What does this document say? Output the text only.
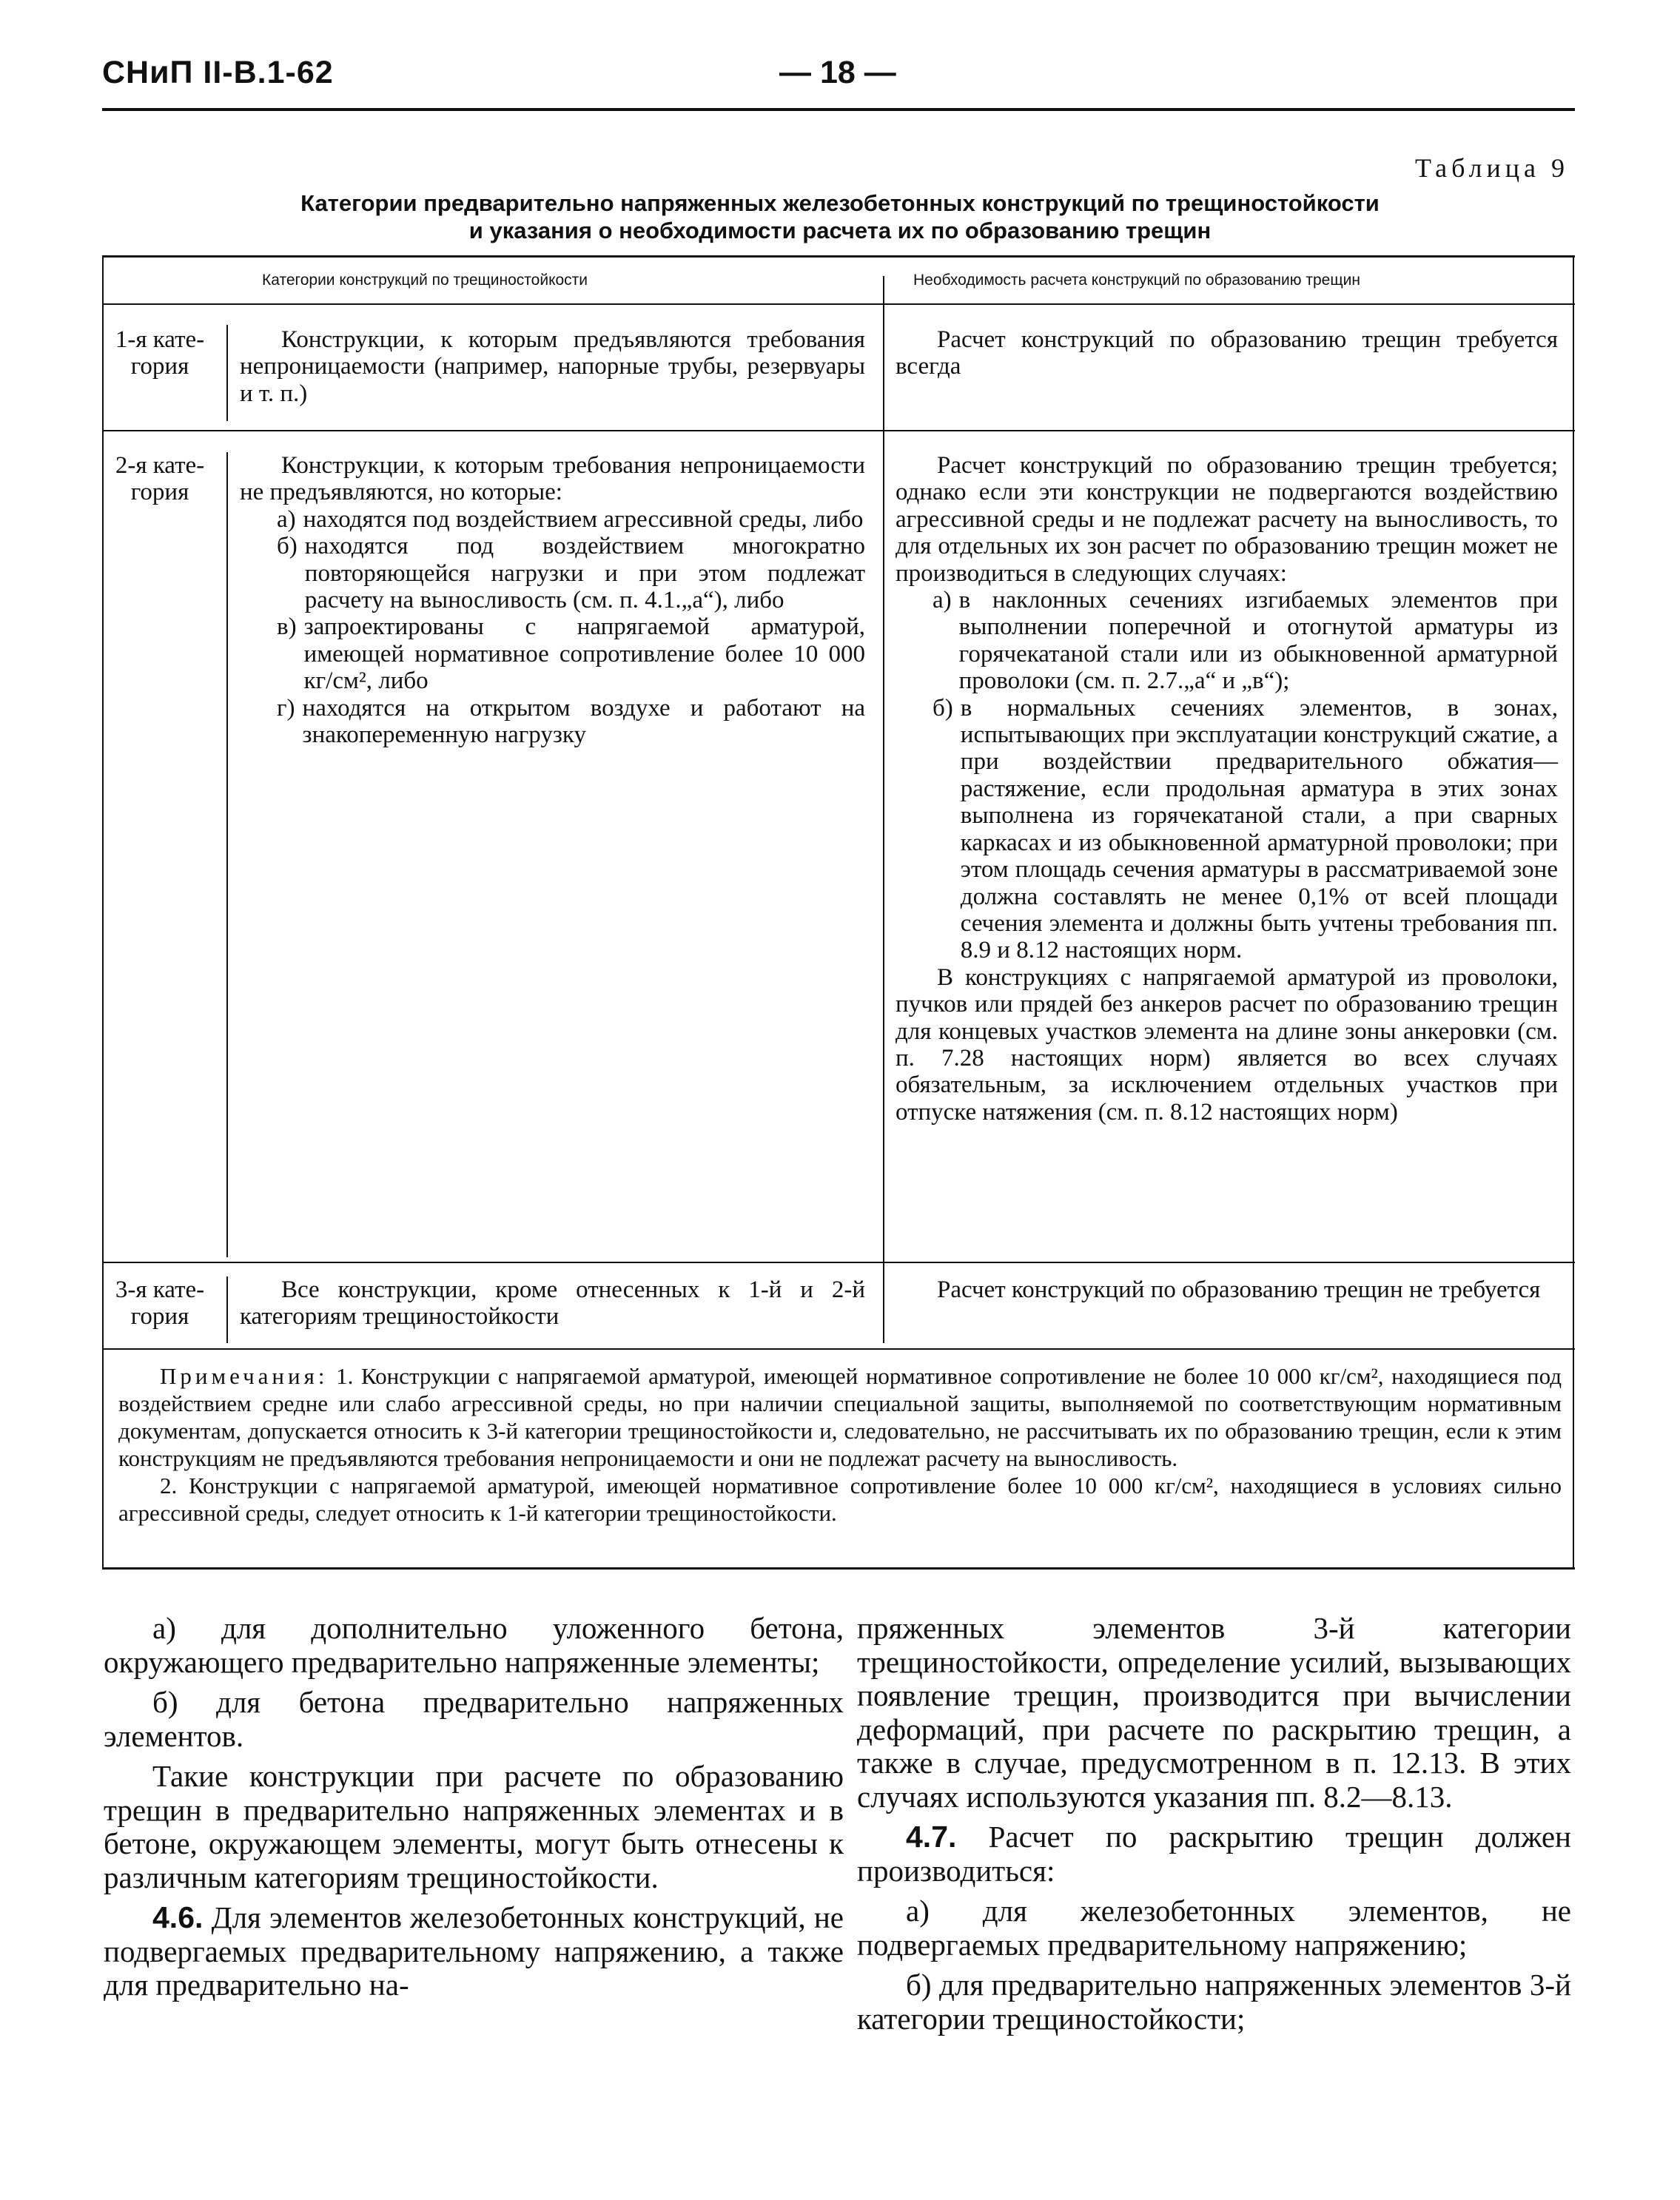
СНиП II-В.1-62	— 18 —
Таблица 9
Категории предварительно напряженных железобетонных конструкций по трещиностойкости
и указания о необходимости расчета их по образованию трещин
Категории конструкций по трещиностойкости	Необходимость расчета конструкций по образованию трещин
1-я кате-гория
Конструкции, к которым предъявляются требования непроницаемости (например, напорные трубы, резервуары и т. п.)
Расчет конструкций по образованию трещин требуется всегда
2-я кате-гория

Конструкции, к которым требования непроницаемости не предъявляются, но которые:

а) находятся под воздействием агрессивной среды, либо
б) находятся под воздействием многократно повторяющейся нагрузки и при этом подлежат расчету на выносливость (см. п. 4.1.„а“), либо
в) запроектированы с напрягаемой арматурой, имеющей нормативное сопротивление более 10 000 кг/см², либо
г) находятся на открытом воздухе и работают на знакопеременную нагрузку

Расчет конструкций по образованию трещин требуется; однако если эти конструкции не подвергаются воздействию агрессивной среды и не подлежат расчету на выносливость, то для отдельных их зон расчет по образованию трещин может не производиться в следующих случаях:

а) в наклонных сечениях изгибаемых элементов при выполнении поперечной и отогнутой арматуры из горячекатаной стали или из обыкновенной арматурной проволоки (см. п. 2.7.„а“ и „в“);
б) в нормальных сечениях элементов, в зонах, испытывающих при эксплуатации конструкций сжатие, а при воздействии предварительного обжатия—растяжение, если продольная арматура в этих зонах выполнена из горячекатаной стали, а при сварных каркасах и из обыкновенной арматурной проволоки; при этом площадь сечения арматуры в рассматриваемой зоне должна составлять не менее 0,1% от всей площади сечения элемента и должны быть учтены требования пп. 8.9 и 8.12 настоящих норм.

В конструкциях с напрягаемой арматурой из проволоки, пучков или прядей без анкеров расчет по образованию трещин для концевых участков элемента на длине зоны анкеровки (см. п. 7.28 настоящих норм) является во всех случаях обязательным, за исключением отдельных участков при отпуске натяжения (см. п. 8.12 настоящих норм)

3-я кате-гория
Все конструкции, кроме отнесенных к 1-й и 2-й категориям трещиностойкости
Расчет конструкций по образованию трещин не требуется

Примечания: 1. Конструкции с напрягаемой арматурой, имеющей нормативное сопротивление не более 10 000 кг/см², находящиеся под воздействием средне или слабо агрессивной среды, но при наличии специальной защиты, выполняемой по соответствующим нормативным документам, допускается относить к 3-й категории трещиностойкости и, следовательно, не рассчитывать их по образованию трещин, если к этим конструкциям не предъявляются требования непроницаемости и они не подлежат расчету на выносливость.

2. Конструкции с напрягаемой арматурой, имеющей нормативное сопротивление более 10 000 кг/см², находящиеся в условиях сильно агрессивной среды, следует относить к 1-й категории трещиностойкости.

а) для дополнительно уложенного бетона, окружающего предварительно напряженные элементы;

б) для бетона предварительно напряженных элементов.

Такие конструкции при расчете по образованию трещин в предварительно напряженных элементах и в бетоне, окружающем элементы, могут быть отнесены к различным категориям трещиностойкости.

4.6. Для элементов железобетонных конструкций, не подвергаемых предварительному напряжению, а также для предварительно на-

пряженных элементов 3-й категории трещиностойкости, определение усилий, вызывающих появление трещин, производится при вычислении деформаций, при расчете по раскрытию трещин, а также в случае, предусмотренном в п. 12.13. В этих случаях используются указания пп. 8.2—8.13.

4.7. Расчет по раскрытию трещин должен производиться:

а) для железобетонных элементов, не подвергаемых предварительному напряжению;

б) для предварительно напряженных элементов 3-й категории трещиностойкости;
